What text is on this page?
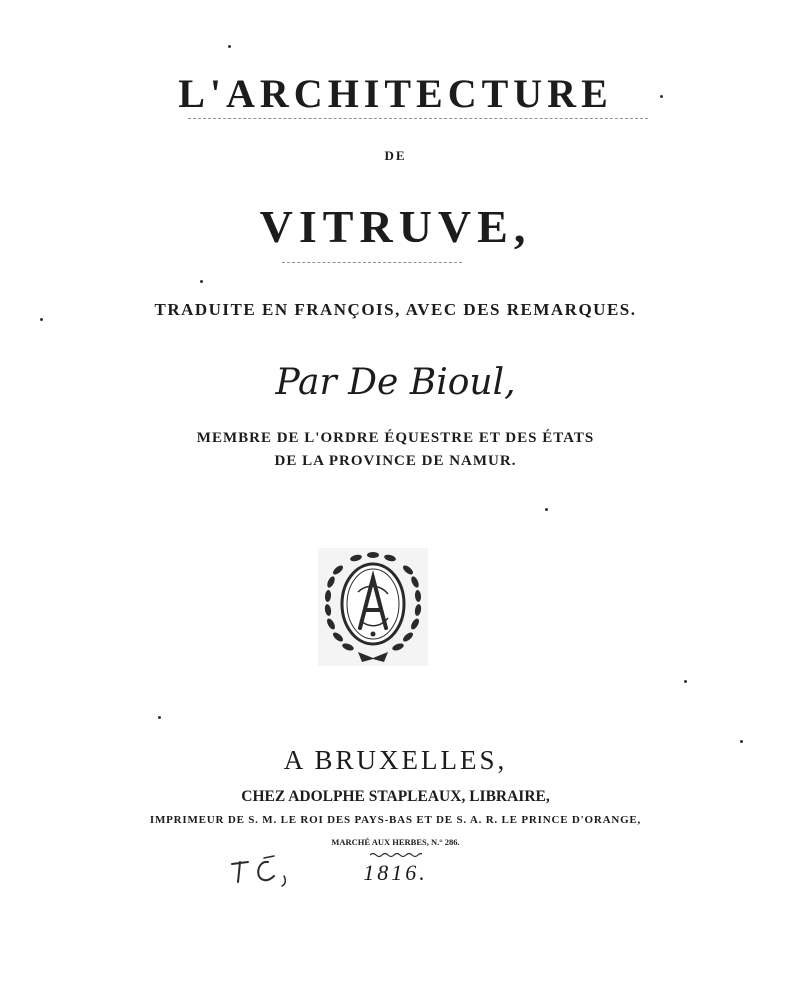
L'ARCHITECTURE
DE
VITRUVE,
TRADUITE EN FRANÇOIS, AVEC DES REMARQUES.
Par De Bioul,
MEMBRE DE L'ORDRE ÉQUESTRE ET DES ÉTATS
DE LA PROVINCE DE NAMUR.
A BRUXELLES,
CHEZ ADOLPHE STAPLEAUX, LIBRAIRE,
IMPRIMEUR DE S. M. LE ROI DES PAYS-BAS ET DE S. A. R. LE PRINCE D'ORANGE,
MARCHÉ AUX HERBES, N.° 286.
1816.
